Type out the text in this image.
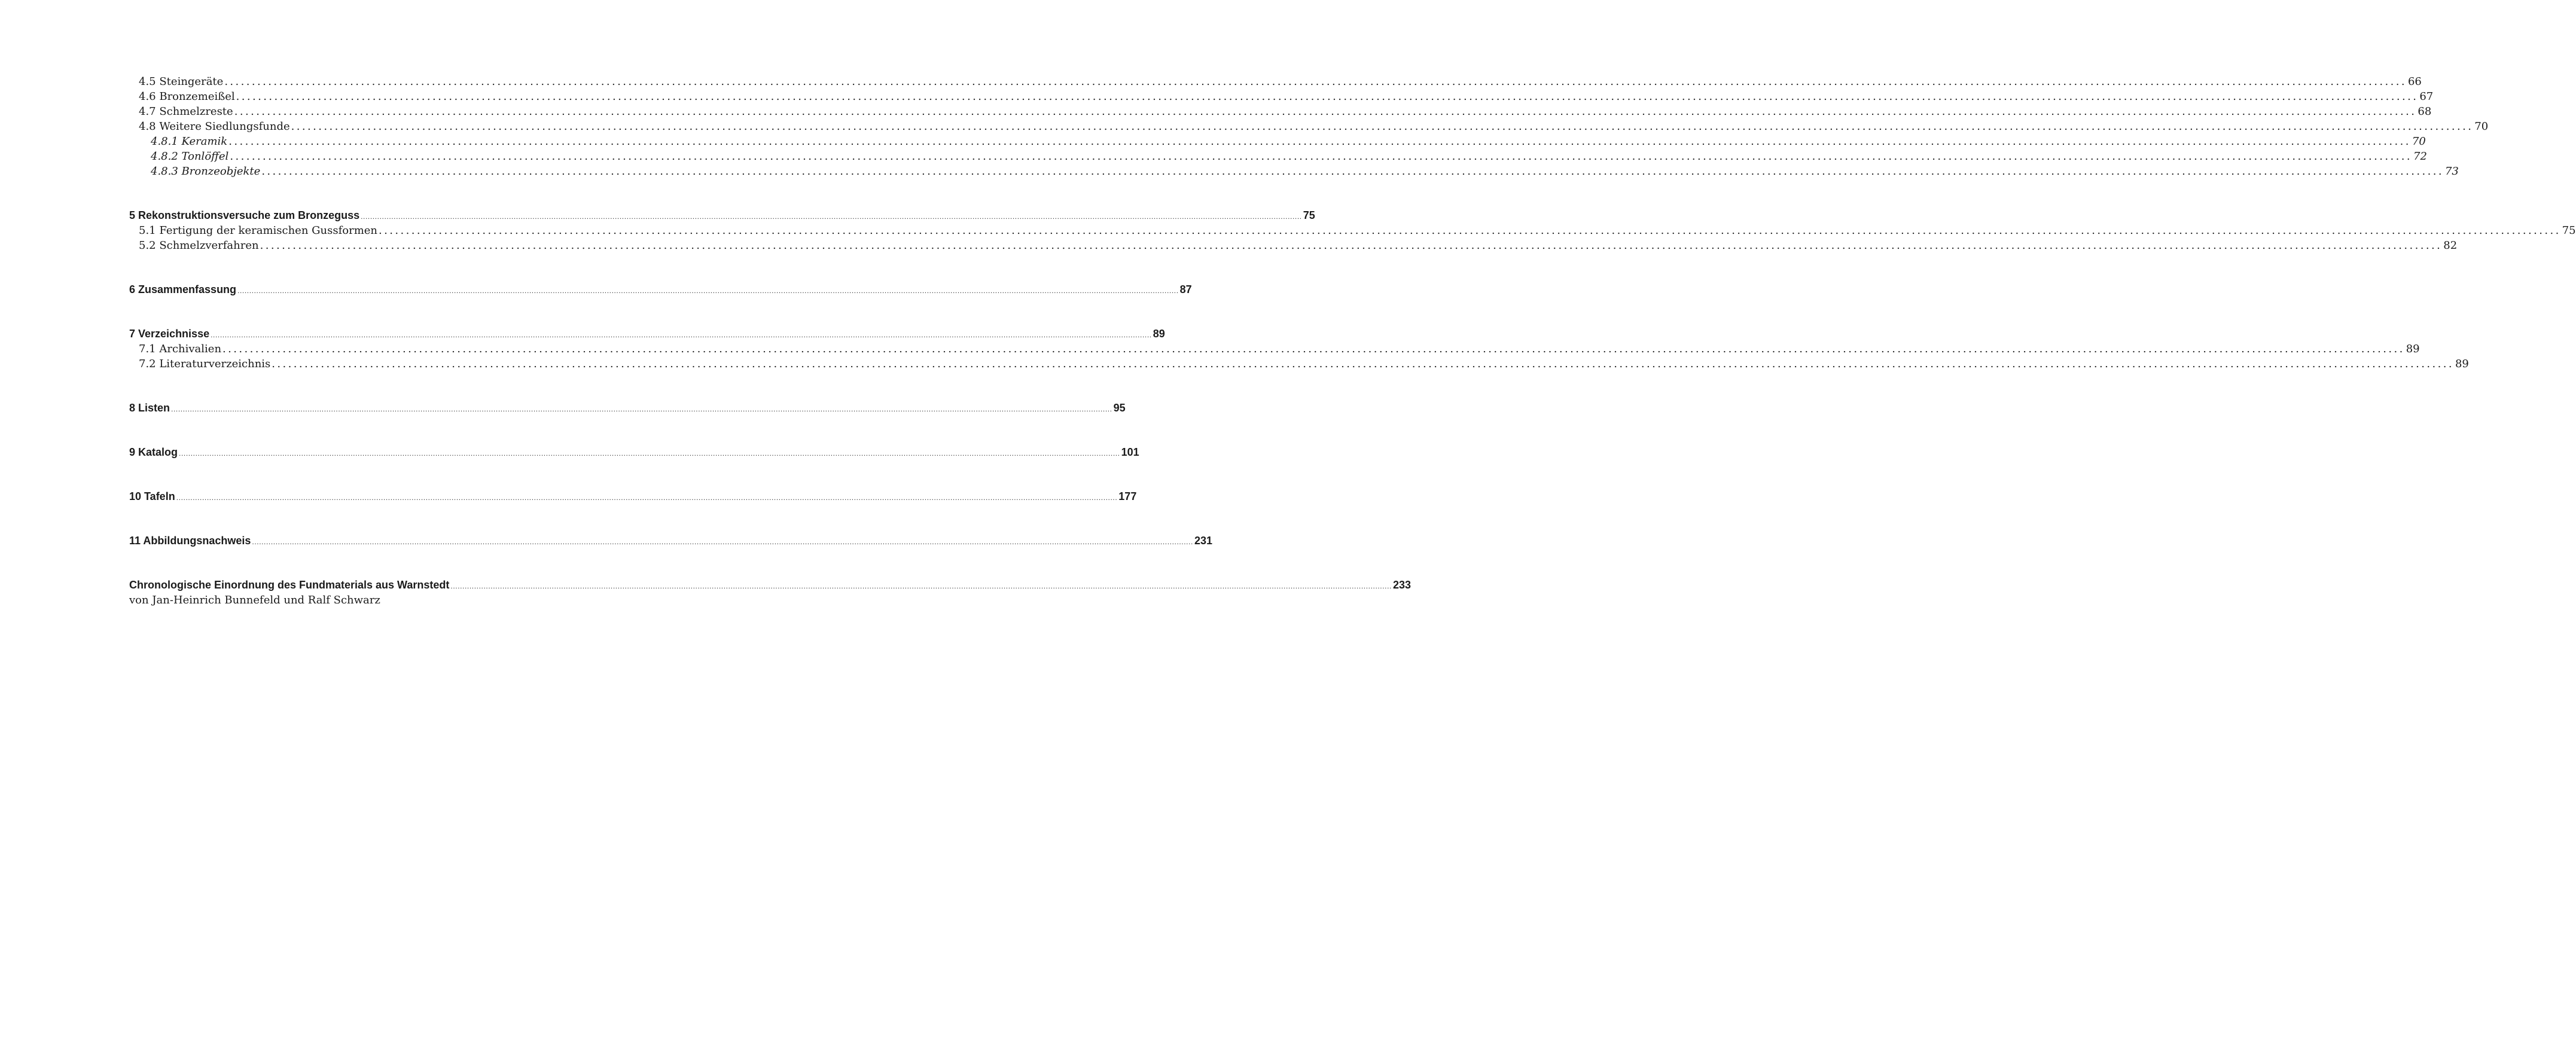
4.5 Steingeräte ................................................................................................................................................................................................................................................................................................................................................................................................................ 66
4.6 Bronzemeißel ................................................................................................................................................................................................................................................................................................................................................................................................................ 67
4.7 Schmelzreste ................................................................................................................................................................................................................................................................................................................................................................................................................ 68
4.8 Weitere Siedlungsfunde ................................................................................................................................................................................................................................................................................................................................................................................................................ 70
4.8.1 Keramik ................................................................................................................................................................................................................................................................................................................................................................................................................ 70
4.8.2 Tonlöffel ................................................................................................................................................................................................................................................................................................................................................................................................................ 72
4.8.3 Bronzeobjekte ................................................................................................................................................................................................................................................................................................................................................................................................................ 73
5 Rekonstruktionsversuche zum Bronzeguss ................................................................................................................................................................................................................................................................................................................................................................................................................ 75
5.1 Fertigung der keramischen Gussformen ................................................................................................................................................................................................................................................................................................................................................................................................................ 75
5.2 Schmelzverfahren ................................................................................................................................................................................................................................................................................................................................................................................................................ 82
6 Zusammenfassung ................................................................................................................................................................................................................................................................................................................................................................................................................ 87
7 Verzeichnisse ................................................................................................................................................................................................................................................................................................................................................................................................................ 89
7.1 Archivalien ................................................................................................................................................................................................................................................................................................................................................................................................................ 89
7.2 Literaturverzeichnis ................................................................................................................................................................................................................................................................................................................................................................................................................ 89
8 Listen ................................................................................................................................................................................................................................................................................................................................................................................................................ 95
9 Katalog ................................................................................................................................................................................................................................................................................................................................................................................................................ 101
10 Tafeln ................................................................................................................................................................................................................................................................................................................................................................................................................ 177
11 Abbildungsnachweis ................................................................................................................................................................................................................................................................................................................................................................................................................ 231
Chronologische Einordnung des Fundmaterials aus Warnstedt ................................................................................................................................................................................................................................................................................................................................................................................................................ 233
von Jan-Heinrich Bunnefeld und Ralf Schwarz
